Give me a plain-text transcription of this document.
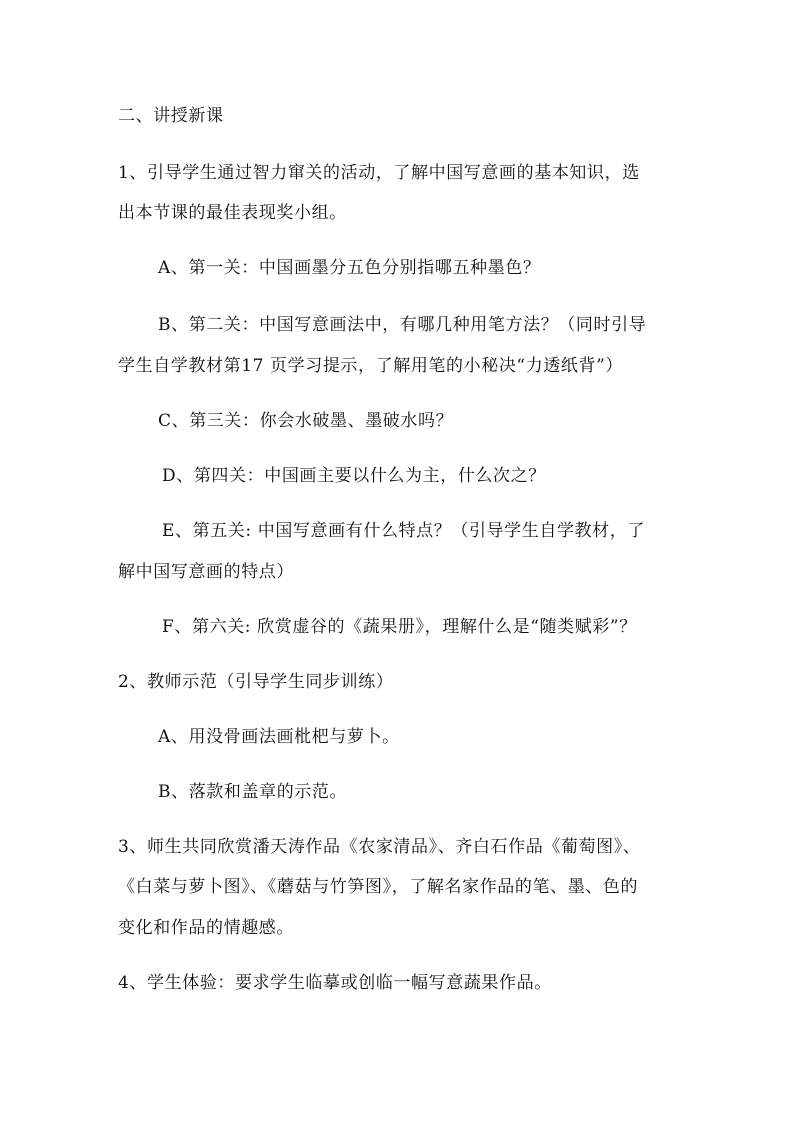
二、讲授新课
1、引导学生通过智力窜关的活动，了解中国写意画的基本知识，选
出本节课的最佳表现奖小组。
A、第一关：中国画墨分五色分别指哪五种墨色？
B、第二关：中国写意画法中，有哪几种用笔方法？（同时引导
学生自学教材第17 页学习提示，了解用笔的小秘决“力透纸背”）
C、第三关：你会水破墨、墨破水吗？
D、第四关：中国画主要以什么为主，什么次之？
E、第五关: 中国写意画有什么特点？（引导学生自学教材，了
解中国写意画的特点）
F、第六关: 欣赏虚谷的《蔬果册》，理解什么是“随类赋彩”？
2、教师示范（引导学生同步训练）
A、用没骨画法画枇杷与萝卜。
B、落款和盖章的示范。
3、师生共同欣赏潘天涛作品《农家清品》、齐白石作品《葡萄图》、
《白菜与萝卜图》、《蘑菇与竹笋图》，了解名家作品的笔、墨、色的
变化和作品的情趣感。
4、学生体验：要求学生临摹或创临一幅写意蔬果作品。
